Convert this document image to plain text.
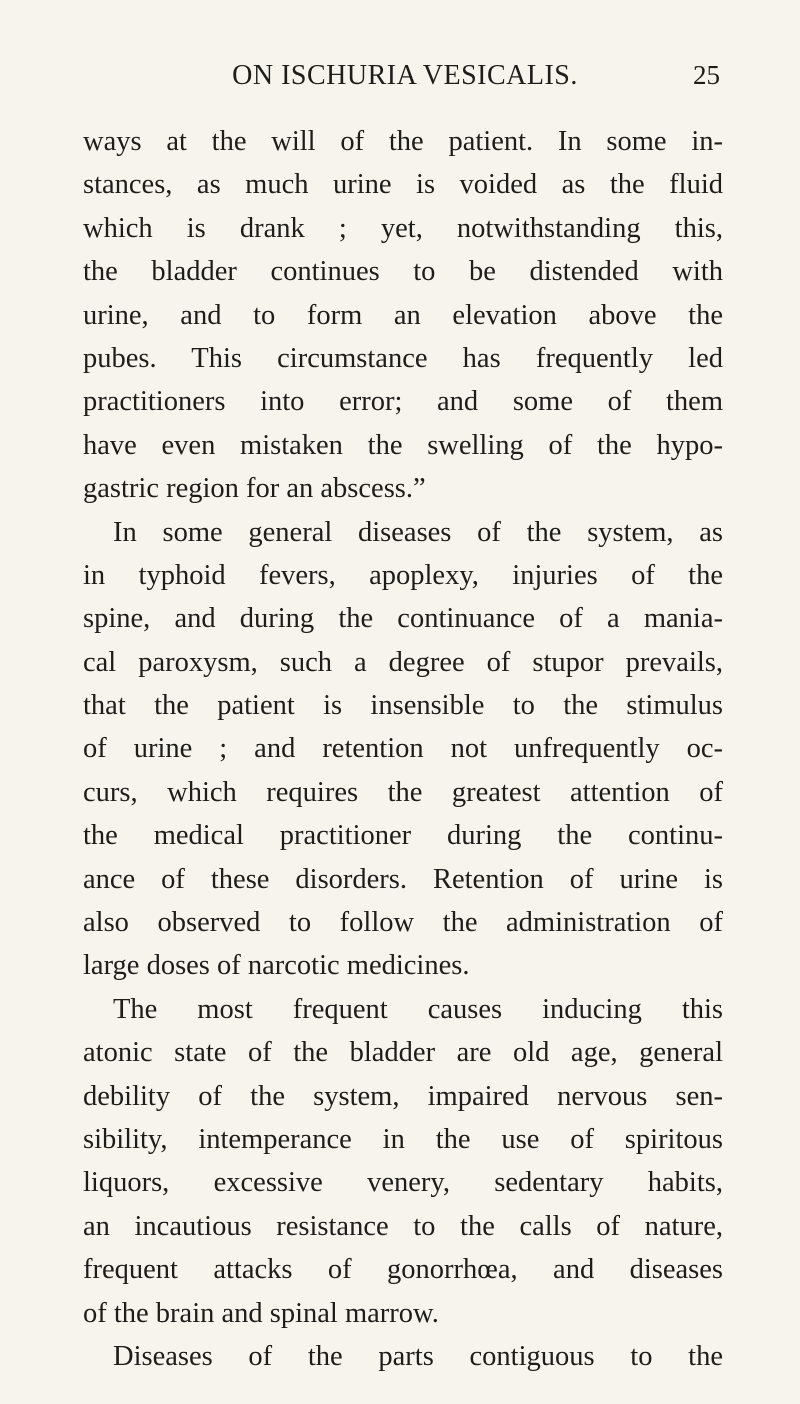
ON ISCHURIA VESICALIS.	25
ways at the will of the patient. In some in-
stances, as much urine is voided as the fluid
which is drank ; yet, notwithstanding this,
the bladder continues to be distended with
urine, and to form an elevation above the
pubes. This circumstance has frequently led
practitioners into error; and some of them
have even mistaken the swelling of the hypo-
gastric region for an abscess.”
In some general diseases of the system, as
in typhoid fevers, apoplexy, injuries of the
spine, and during the continuance of a mania-
cal paroxysm, such a degree of stupor prevails,
that the patient is insensible to the stimulus
of urine ; and retention not unfrequently oc-
curs, which requires the greatest attention of
the medical practitioner during the continu-
ance of these disorders. Retention of urine is
also observed to follow the administration of
large doses of narcotic medicines.
The most frequent causes inducing this
atonic state of the bladder are old age, general
debility of the system, impaired nervous sen-
sibility, intemperance in the use of spiritous
liquors, excessive venery, sedentary habits,
an incautious resistance to the calls of nature,
frequent attacks of gonorrhœa, and diseases
of the brain and spinal marrow.
Diseases of the parts contiguous to the
